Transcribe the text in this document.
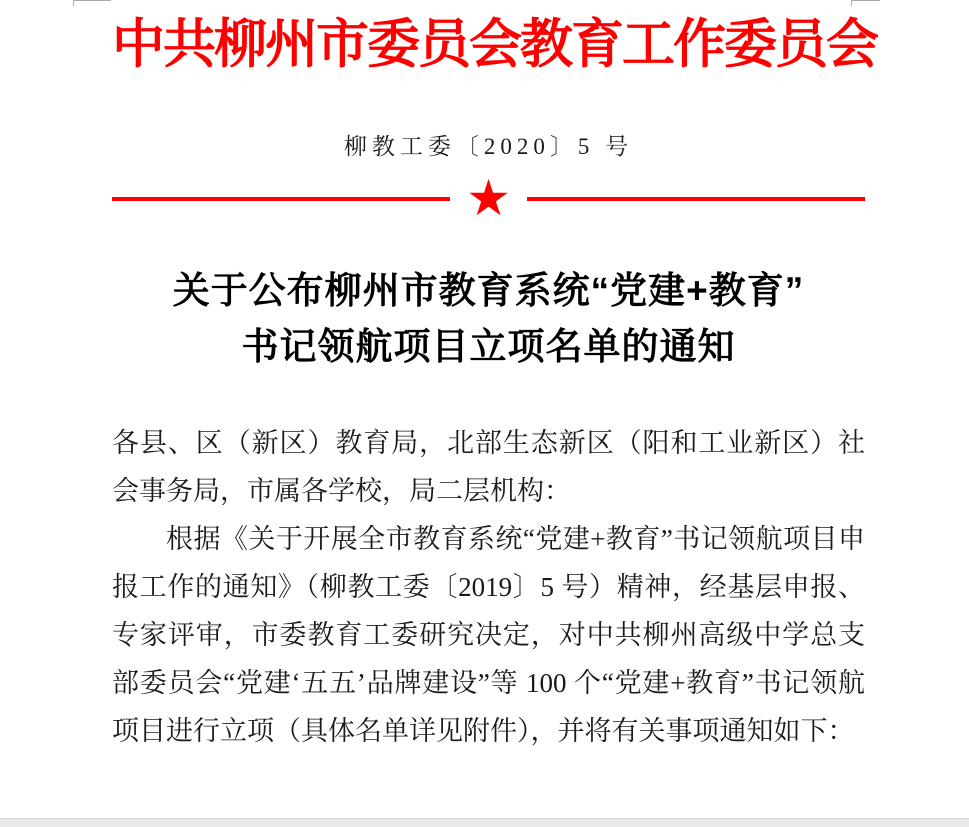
中共柳州市委员会教育工作委员会
柳教工委〔2020〕5 号
★
关于公布柳州市教育系统“党建+教育”
书记领航项目立项名单的通知

各县、区（新区）教育局，北部生态新区（阳和工业新区）社会事务局，市属各学校，局二层机构：

根据《关于开展全市教育系统“党建+教育”书记领航项目申报工作的通知》（柳教工委〔2019〕5 号）精神，经基层申报、专家评审，市委教育工委研究决定，对中共柳州高级中学总支部委员会“党建‘五五’品牌建设”等 100 个“党建+教育”书记领航项目进行立项（具体名单详见附件），并将有关事项通知如下：
